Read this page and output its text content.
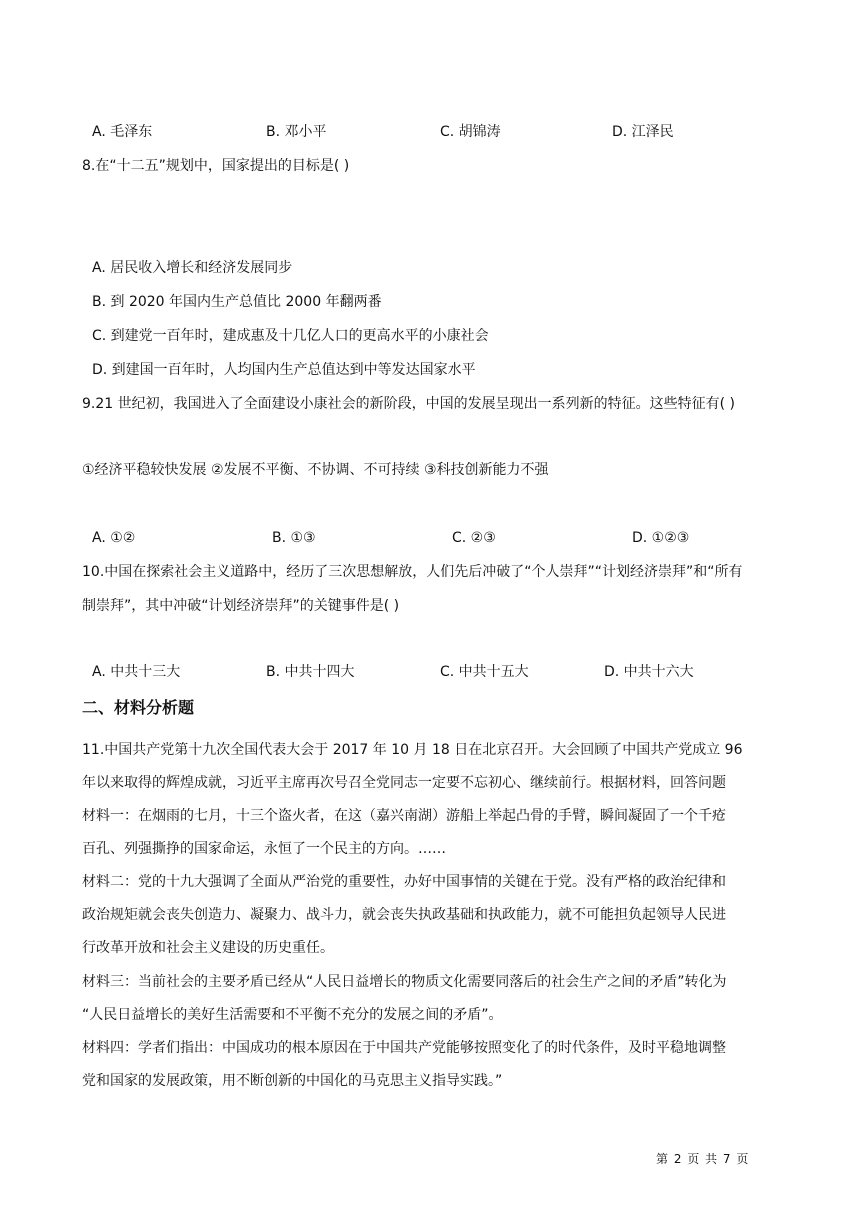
A. 毛泽东	B. 邓小平	C. 胡锦涛	D. 江泽民
8.在“十二五”规划中，国家提出的目标是( )
A. 居民收入增长和经济发展同步
B. 到 2020 年国内生产总值比 2000 年翻两番
C. 到建党一百年时，建成惠及十几亿人口的更高水平的小康社会
D. 到建国一百年时，人均国内生产总值达到中等发达国家水平
9.21 世纪初，我国进入了全面建设小康社会的新阶段，中国的发展呈现出一系列新的特征。这些特征有( )
①经济平稳较快发展 ②发展不平衡、不协调、不可持续 ③科技创新能力不强
A. ①②	B. ①③	C. ②③	D. ①②③
10.中国在探索社会主义道路中，经历了三次思想解放，人们先后冲破了“个人崇拜”“计划经济崇拜”和“所有
制崇拜”，其中冲破“计划经济崇拜”的关键事件是( )
A. 中共十三大	B. 中共十四大	C. 中共十五大	D. 中共十六大
二、材料分析题
11.中国共产党第十九次全国代表大会于 2017 年 10 月 18 日在北京召开。大会回顾了中国共产党成立 96
年以来取得的辉煌成就，习近平主席再次号召全党同志一定要不忘初心、继续前行。根据材料，回答问题
材料一：在烟雨的七月，十三个盗火者，在这（嘉兴南湖）游船上举起凸骨的手臂，瞬间凝固了一个千疮
百孔、列强撕挣的国家命运，永恒了一个民主的方向。……
材料二：党的十九大强调了全面从严治党的重要性，办好中国事情的关键在于党。没有严格的政治纪律和
政治规矩就会丧失创造力、凝聚力、战斗力，就会丧失执政基础和执政能力，就不可能担负起领导人民进
行改革开放和社会主义建设的历史重任。
材料三：当前社会的主要矛盾已经从“人民日益增长的物质文化需要同落后的社会生产之间的矛盾”转化为
“人民日益增长的美好生活需要和不平衡不充分的发展之间的矛盾”。
材料四：学者们指出：中国成功的根本原因在于中国共产党能够按照变化了的时代条件，及时平稳地调整
党和国家的发展政策，用不断创新的中国化的马克思主义指导实践。”
第 2 页 共 7 页
